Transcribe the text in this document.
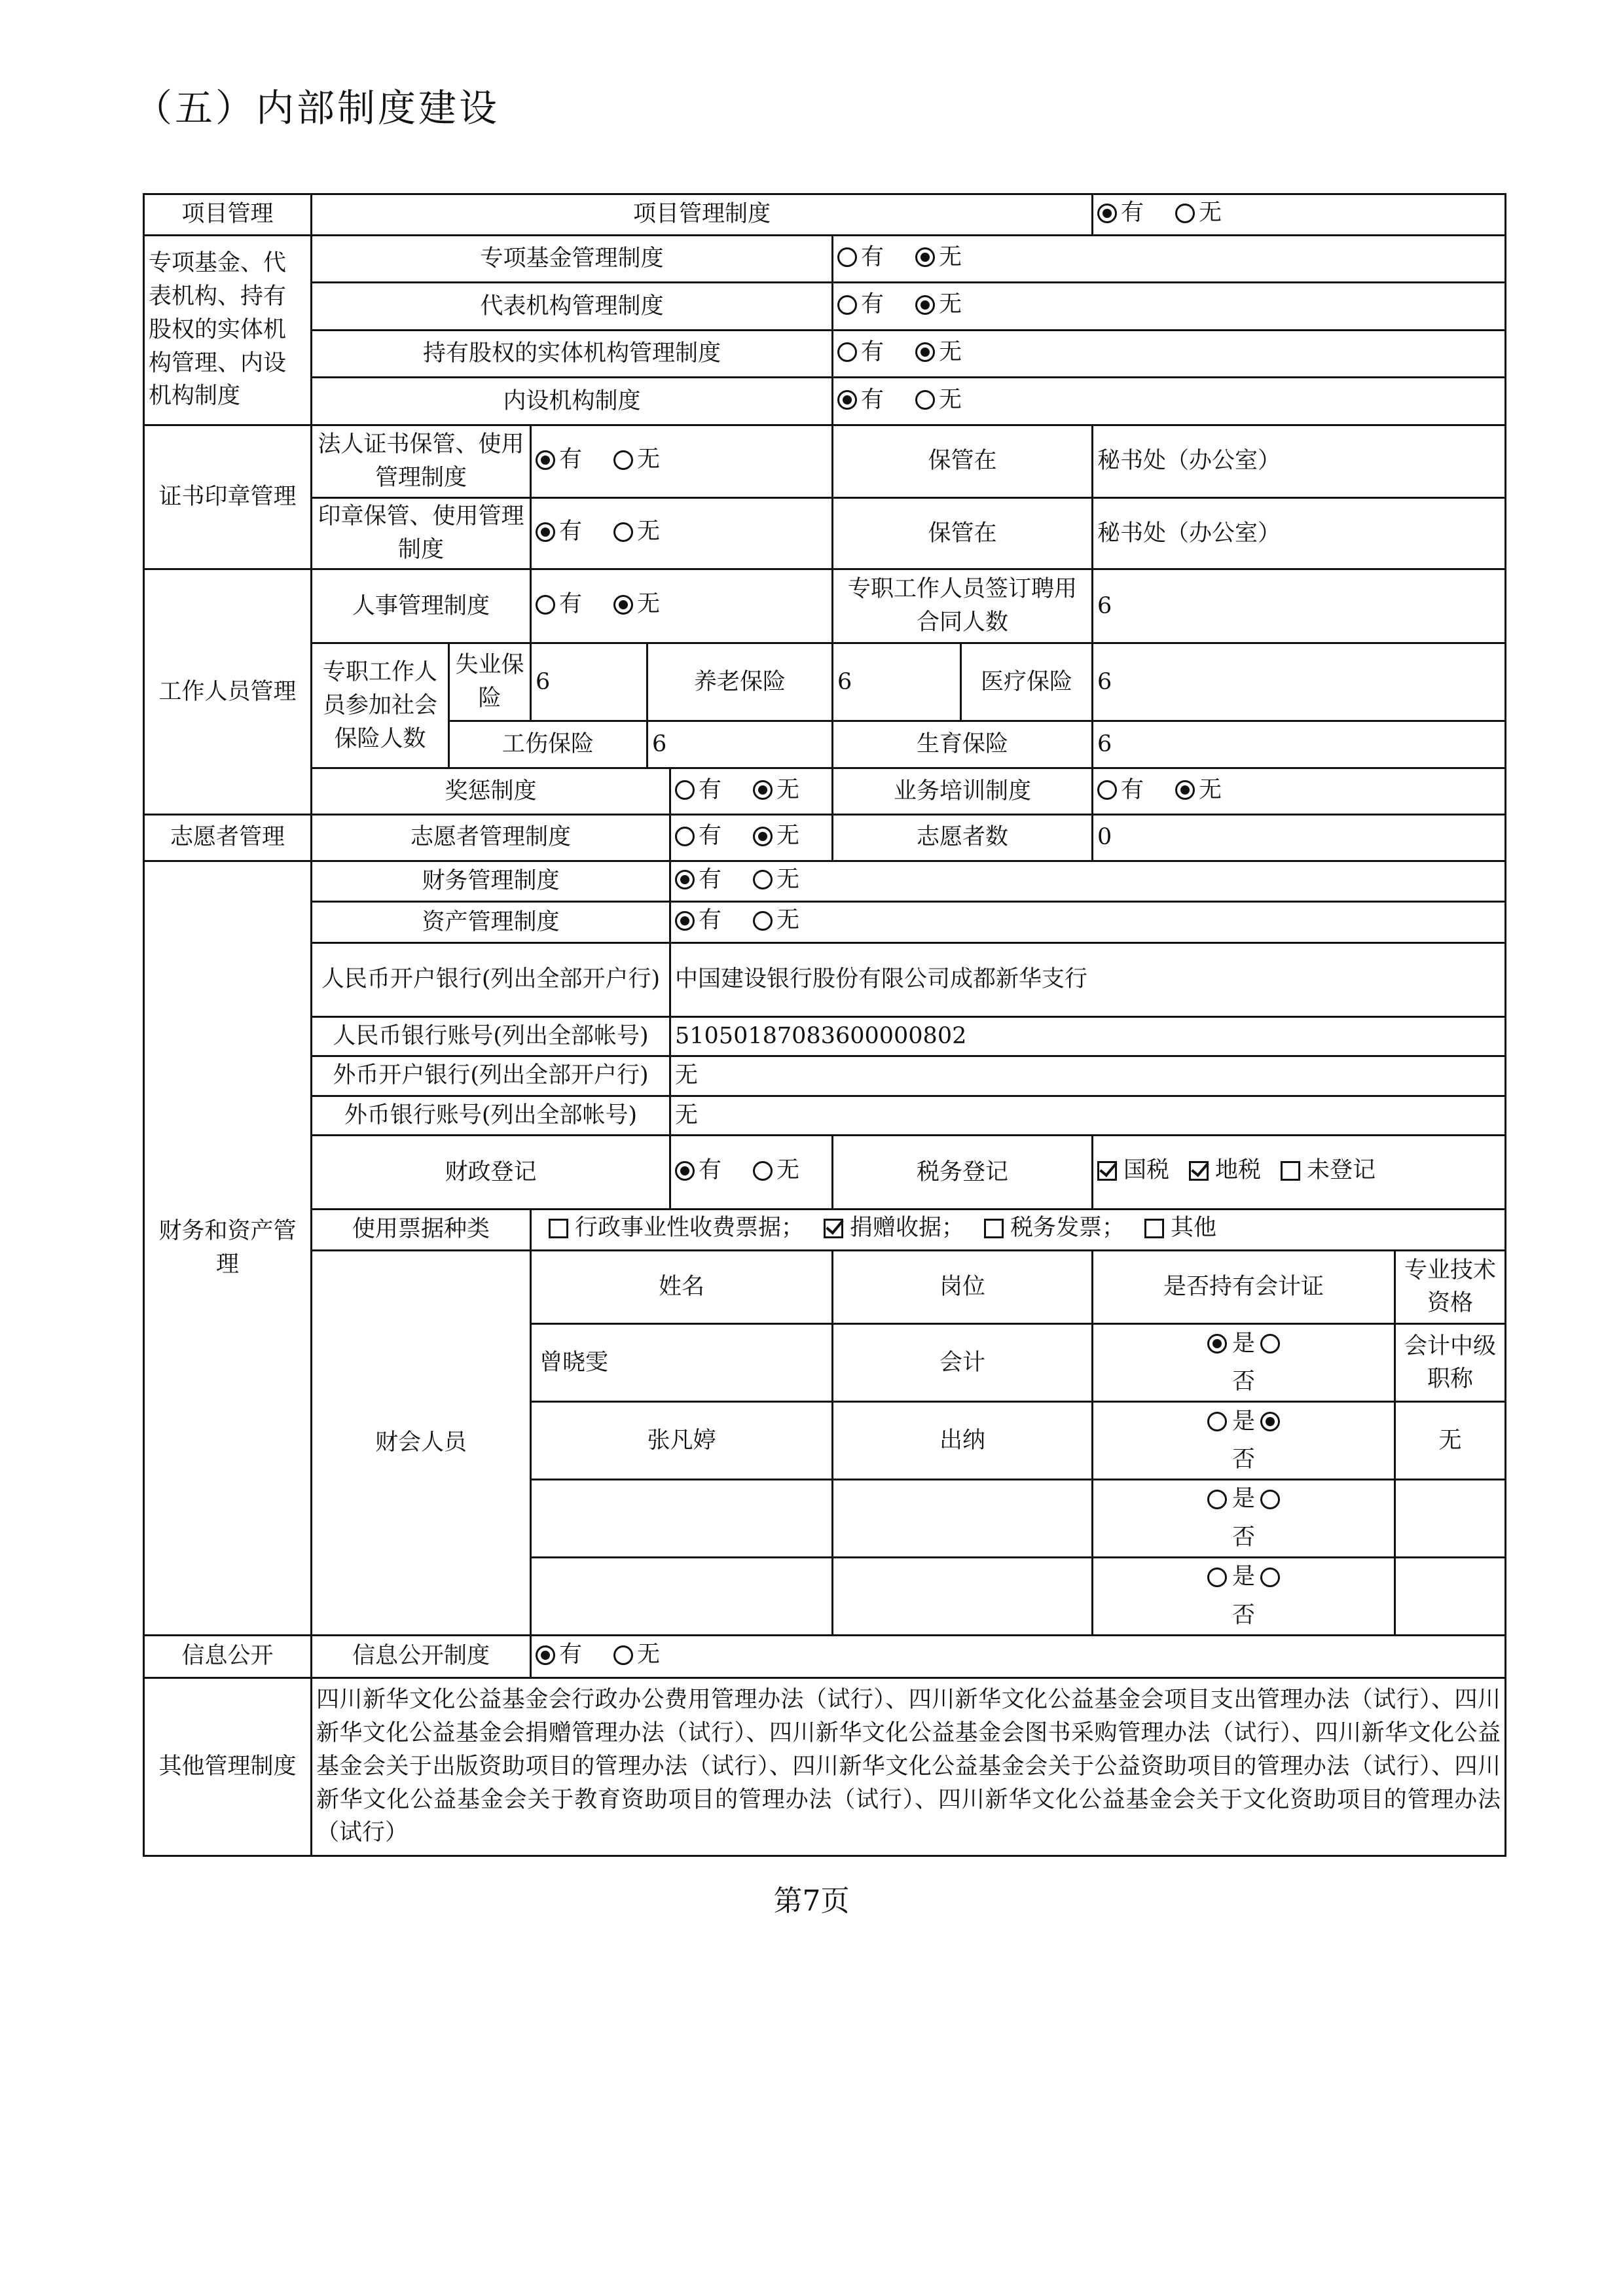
（五）内部制度建设
项目管理	项目管理制度							有 无	

专项基金、代表机构、持有股权的实体机构管理、内设机构制度	专项基金管理制度					有 无			

	代表机构管理制度					有 无			

	持有股权的实体机构管理制度					有 无			

	内设机构制度					有 无			

证书印章管理	法人证书保管、使用管理制度		有 无			保管在		秘书处（办公室）	
	印章保管、使用管理制度		有 无			保管在		秘书处（办公室）	
工作人员管理	人事管理制度		有 无			专职工作人员签订聘用合同人数		6	
	专职工作人员参加社会保险人数	失业保险	6	养老保险		6	医疗保险	6	
		工伤保险		6		生育保险		6	
	奖惩制度				有 无	业务培训制度		有 无	

志愿者管理	志愿者管理制度				有 无	志愿者数		0	
财务和资产管理	财务管理制度				有 无				

	资产管理制度				有 无				

	人民币开户银行(列出全部开户行)				中国建设银行股份有限公司成都新华支行				
	人民币银行账号(列出全部帐号)				51050187083600000802				
	外币开户银行(列出全部开户行)				无				
	外币银行账号(列出全部帐号)				无				
	财政登记				有 无	税务登记		国税 地税 未登记	

	使用票据种类		行政事业性收费票据； 捐赠收据； 税务发票； 其他						

	财会人员		姓名			岗位		是否持有会计证	专业技术资格
			曾晓雯			会计		是
否	会计中级职称
			张凡婷			出纳		是
否	无

								是
否	

								是
否	

信息公开	信息公开制度		有 无						

其他管理制度	四川新华文化公益基金会行政办公费用管理办法（试行）、四川新华文化公益基金会项目支出管理办法（试行）、四川新华文化公益基金会捐赠管理办法（试行）、四川新华文化公益基金会图书采购管理办法（试行）、四川新华文化公益基金会关于出版资助项目的管理办法（试行）、四川新华文化公益基金会关于公益资助项目的管理办法（试行）、四川新华文化公益基金会关于教育资助项目的管理办法（试行）、四川新华文化公益基金会关于文化资助项目的管理办法（试行）								
第7页
